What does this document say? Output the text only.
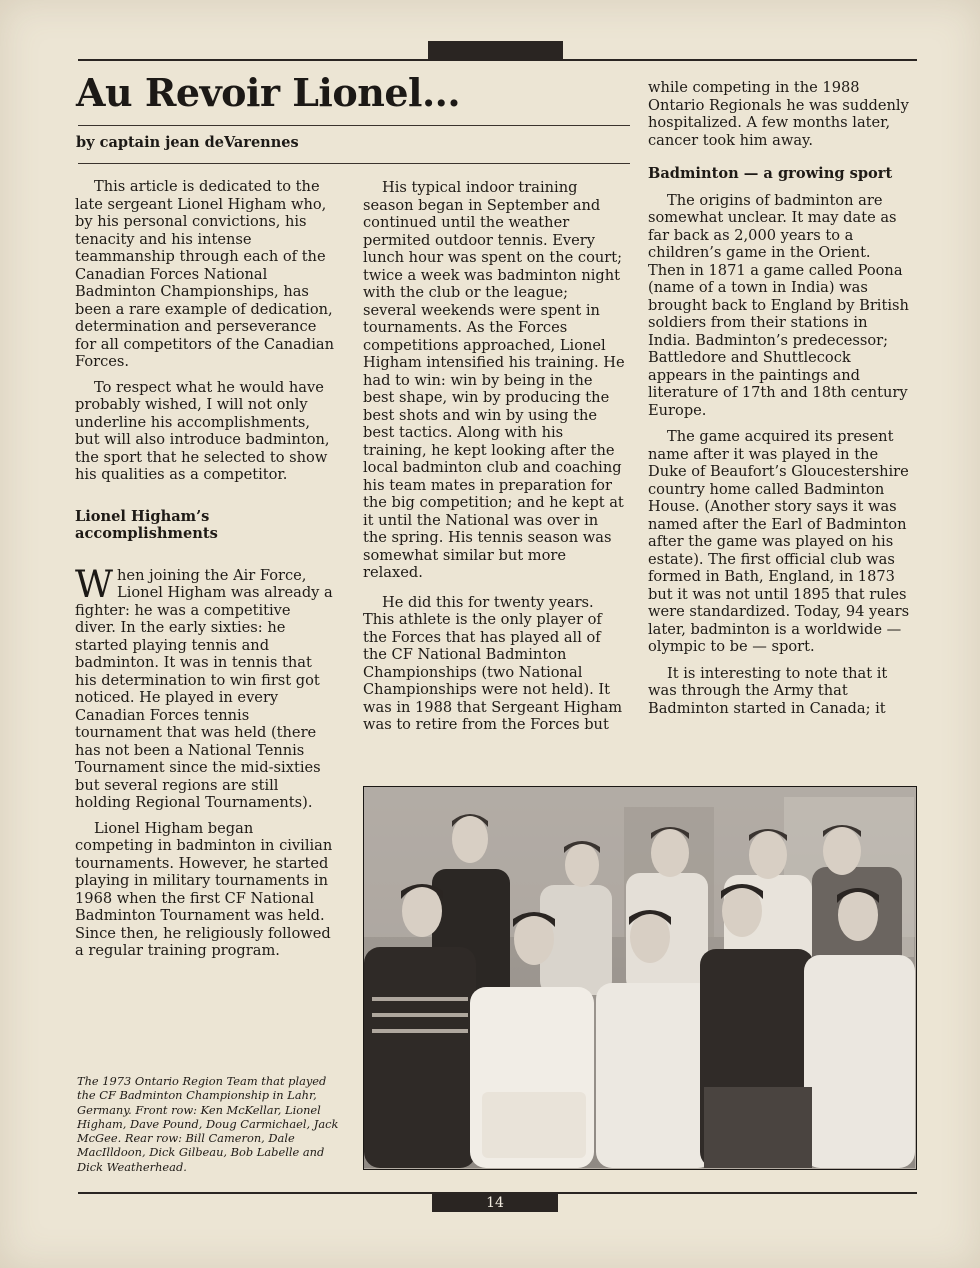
Au Revoir Lionel...

by captain jean deVarennes

This article is dedicated to the late sergeant Lionel Higham who, by his personal convictions, his tenacity and his intense teammanship through each of the Canadian Forces National Badminton Championships, has been a rare example of dedication, determination and perseverance for all competitors of the Canadian Forces.

To respect what he would have probably wished, I will not only underline his accomplishments, but will also introduce badminton, the sport that he selected to show his qualities as a competitor.

Lionel Higham’s accomplishments

When joining the Air Force, Lionel Higham was already a fighter: he was a competitive diver. In the early sixties: he started playing tennis and badminton. It was in tennis that his determination to win first got noticed. He played in every Canadian Forces tennis tournament that was held (there has not been a National Tennis Tournament since the mid-sixties but several regions are still holding Regional Tournaments).

Lionel Higham began competing in badminton in civilian tournaments. However, he started playing in military tournaments in 1968 when the first CF National Badminton Tournament was held. Since then, he religiously followed a regular training program.

His typical indoor training season began in September and continued until the weather permited outdoor tennis. Every lunch hour was spent on the court; twice a week was badminton night with the club or the league; several weekends were spent in tournaments. As the Forces competitions approached, Lionel Higham intensified his training. He had to win: win by being in the best shape, win by producing the best shots and win by using the best tactics. Along with his training, he kept looking after the local badminton club and coaching his team mates in preparation for the big competition; and he kept at it until the National was over in the spring. His tennis season was somewhat similar but more relaxed.

He did this for twenty years. This athlete is the only player of the Forces that has played all of the CF National Badminton Championships (two National Championships were not held). It was in 1988 that Sergeant Higham was to retire from the Forces but

while competing in the 1988 Ontario Regionals he was suddenly hospitalized. A few months later, cancer took him away.

Badminton — a growing sport

The origins of badminton are somewhat unclear. It may date as far back as 2,000 years to a children’s game in the Orient. Then in 1871 a game called Poona (name of a town in India) was brought back to England by British soldiers from their stations in India. Badminton’s predecessor; Battledore and Shuttlecock appears in the paintings and literature of 17th and 18th century Europe.

The game acquired its present name after it was played in the Duke of Beaufort’s Gloucestershire country home called Badminton House. (Another story says it was named after the Earl of Badminton after the game was played on his estate). The first official club was formed in Bath, England, in 1873 but it was not until 1895 that rules were standardized. Today, 94 years later, badminton is a worldwide — olympic to be — sport.

It is interesting to note that it was through the Army that Badminton started in Canada; it

The 1973 Ontario Region Team that played the CF Badminton Championship in Lahr, Germany. Front row: Ken McKellar, Lionel Higham, Dave Pound, Doug Carmichael, Jack McGee. Rear row: Bill Cameron, Dale MacIlldoon, Dick Gilbeau, Bob Labelle and Dick Weatherhead.

14
